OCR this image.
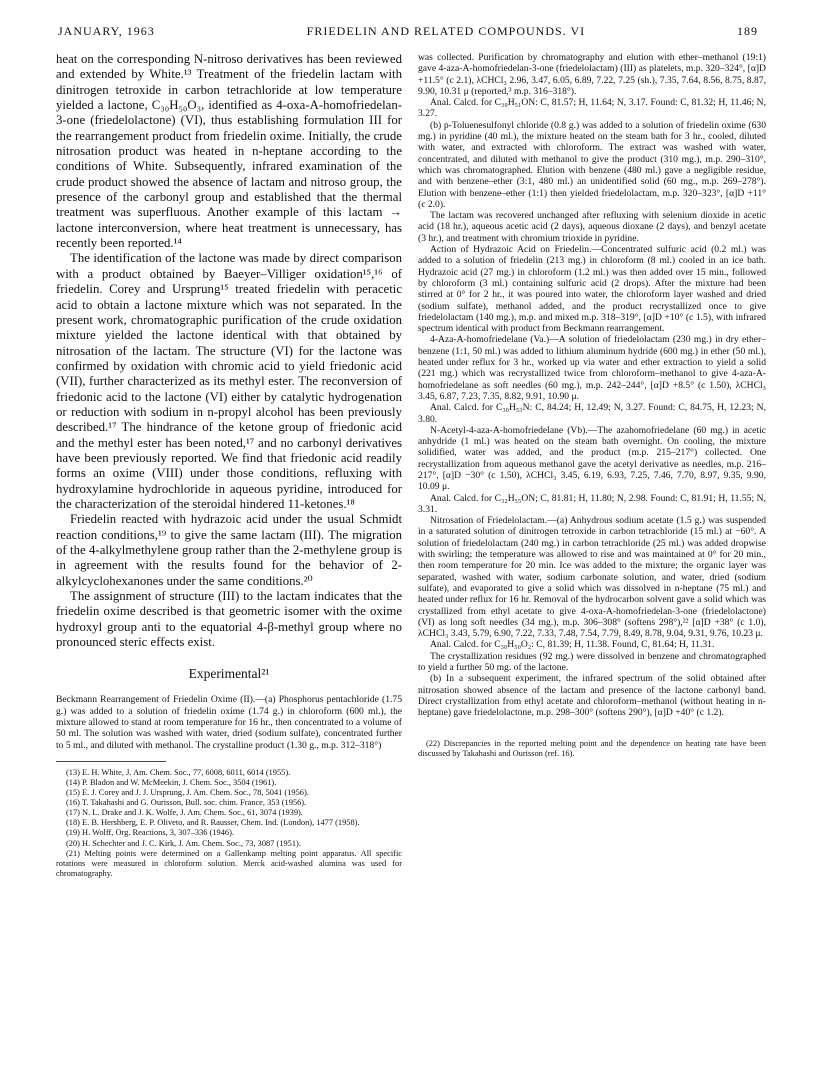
JANUARY, 1963	FRIEDELIN AND RELATED COMPOUNDS. VI	189

heat on the corresponding N-nitroso derivatives has been reviewed and extended by White.¹³ Treatment of the friedelin lactam with dinitrogen tetroxide in carbon tetrachloride at low temperature yielded a lactone, C₃₀H₅₀O₃, identified as 4-oxa-A-homofriedelan-3-one (friedelolactone) (VI), thus establishing formulation III for the rearrangement product from friedelin oxime. Initially, the crude nitrosation product was heated in n-heptane according to the conditions of White. Subsequently, infrared examination of the crude product showed the absence of lactam and nitroso group, the presence of the carbonyl group and established that the thermal treatment was superfluous. Another example of this lactam → lactone interconversion, where heat treatment is unnecessary, has recently been reported.¹⁴

The identification of the lactone was made by direct comparison with a product obtained by Baeyer–Villiger oxidation¹⁵,¹⁶ of friedelin. Corey and Ursprung¹⁵ treated friedelin with peracetic acid to obtain a lactone mixture which was not separated. In the present work, chromatographic purification of the crude oxidation mixture yielded the lactone identical with that obtained by nitrosation of the lactam. The structure (VI) for the lactone was confirmed by oxidation with chromic acid to yield friedonic acid (VII), further characterized as its methyl ester. The reconversion of friedonic acid to the lactone (VI) either by catalytic hydrogenation or reduction with sodium in n-propyl alcohol has been previously described.¹⁷ The hindrance of the ketone group of friedonic acid and the methyl ester has been noted,¹⁷ and no carbonyl derivatives have been previously reported. We find that friedonic acid readily forms an oxime (VIII) under those conditions, refluxing with hydroxylamine hydrochloride in aqueous pyridine, introduced for the characterization of the steroidal hindered 11-ketones.¹⁸

Friedelin reacted with hydrazoic acid under the usual Schmidt reaction conditions,¹⁹ to give the same lactam (III). The migration of the 4-alkylmethylene group rather than the 2-methylene group is in agreement with the results found for the behavior of 2-alkylcyclohexanones under the same conditions.²⁰

The assignment of structure (III) to the lactam indicates that the friedelin oxime described is that geometric isomer with the oxime hydroxyl group anti to the equatorial 4-β-methyl group where no pronounced steric effects exist.

Experimental²¹

Beckmann Rearrangement of Friedelin Oxime (II).—(a) Phosphorus pentachloride (1.75 g.) was added to a solution of friedelin oxime (1.74 g.) in chloroform (600 ml.), the mixture allowed to stand at room temperature for 16 hr., then concentrated to a volume of 50 ml. The solution was washed with water, dried (sodium sulfate), concentrated further to 5 ml., and diluted with methanol. The crystalline product (1.30 g., m.p. 312–318°)

(13) E. H. White, J. Am. Chem. Soc., 77, 6008, 6011, 6014 (1955).

(14) P. Bladon and W. McMeekin, J. Chem. Soc., 3504 (1961).

(15) E. J. Corey and J. J. Ursprung, J. Am. Chem. Soc., 78, 5041 (1956).

(16) T. Takahashi and G. Ourisson, Bull. soc. chim. France, 353 (1956).

(17) N. L. Drake and J. K. Wolfe, J. Am. Chem. Soc., 61, 3074 (1939).

(18) E. B. Hershberg, E. P. Oliveto, and R. Rausser, Chem. Ind. (London), 1477 (1958).

(19) H. Wolff, Org. Reactions, 3, 307–336 (1946).

(20) H. Schechter and J. C. Kirk, J. Am. Chem. Soc., 73, 3087 (1951).

(21) Melting points were determined on a Gallenkamp melting point apparatus. All specific rotations were measured in chloroform solution. Merck acid-washed alumina was used for chromatography.

was collected. Purification by chromatography and elution with ether–methanol (19:1) gave 4-aza-A-homofriedelan-3-one (friedelolactam) (III) as platelets, m.p. 320–324°, [α]D +11.5° (c 2.1), λCHCl₃ 2.96, 3.47, 6.05, 6.89, 7.22, 7.25 (sh.), 7.35, 7.64, 8.56, 8.75, 8.87, 9.90, 10.31 μ (reported,³ m.p. 316–318°).

Anal. Calcd. for C₃₀H₅₁ON: C, 81.57; H, 11.64; N, 3.17. Found: C, 81.32; H, 11.46; N, 3.27.

(b) p-Toluenesulfonyl chloride (0.8 g.) was added to a solution of friedelin oxime (630 mg.) in pyridine (40 ml.), the mixture heated on the steam bath for 3 hr., cooled, diluted with water, and extracted with chloroform. The extract was washed with water, concentrated, and diluted with methanol to give the product (310 mg.), m.p. 290–310°, which was chromatographed. Elution with benzene (480 ml.) gave a negligible residue, and with benzene–ether (3:1, 480 ml.) an unidentified solid (60 mg., m.p. 269–278°). Elution with benzene–ether (1:1) then yielded friedelolactam, m.p. 320–323°, [α]D +11° (c 2.0).

The lactam was recovered unchanged after refluxing with selenium dioxide in acetic acid (18 hr.), aqueous acetic acid (2 days), aqueous dioxane (2 days), and benzyl acetate (3 hr.), and treatment with chromium trioxide in pyridine.

Action of Hydrazoic Acid on Friedelin.—Concentrated sulfuric acid (0.2 ml.) was added to a solution of friedelin (213 mg.) in chloroform (8 ml.) cooled in an ice bath. Hydrazoic acid (27 mg.) in chloroform (1.2 ml.) was then added over 15 min., followed by chloroform (3 ml.) containing sulfuric acid (2 drops). After the mixture had been stirred at 0° for 2 hr., it was poured into water, the chloroform layer washed and dried (sodium sulfate), methanol added, and the product recrystallized once to give friedelolactam (140 mg.), m.p. and mixed m.p. 318–319°, [α]D +10° (c 1.5), with infrared spectrum identical with product from Beckmann rearrangement.

4-Aza-A-homofriedelane (Va.)—A solution of friedelolactam (230 mg.) in dry ether–benzene (1:1, 50 ml.) was added to lithium aluminum hydride (600 mg.) in ether (50 ml.), heated under reflux for 3 hr., worked up via water and ether extraction to yield a solid (221 mg.) which was recrystallized twice from chloroform–methanol to give 4-aza-A-homofriedelane as soft needles (60 mg.), m.p. 242–244°, [α]D +8.5° (c 1.50), λCHCl₃ 3.45, 6.87, 7.23, 7.35, 8.82, 9.91, 10.90 μ.

Anal. Calcd. for C₃₀H₅₃N: C, 84.24; H, 12.49; N, 3.27. Found: C, 84.75, H, 12.23; N, 3.80.

N-Acetyl-4-aza-A-homofriedelane (Vb).—The azahomofriedelane (60 mg.) in acetic anhydride (1 ml.) was heated on the steam bath overnight. On cooling, the mixture solidified, water was added, and the product (m.p. 215–217°) collected. One recrystallization from aqueous methanol gave the acetyl derivative as needles, m.p. 216–217°, [α]D −30° (c 1.50), λCHCl₃ 3.45, 6.19, 6.93, 7.25, 7.46, 7.70, 8.97, 9.35, 9.90, 10.09 μ.

Anal. Calcd. for C₃₂H₅₅ON; C, 81.81; H, 11.80; N, 2.98. Found: C, 81.91; H, 11.55; N, 3.31.

Nitrosation of Friedelolactam.—(a) Anhydrous sodium acetate (1.5 g.) was suspended in a saturated solution of dinitrogen tetroxide in carbon tetrachloride (15 ml.) at −60°. A solution of friedelolactam (240 mg.) in carbon tetrachloride (25 ml.) was added dropwise with swirling; the temperature was allowed to rise and was maintained at 0° for 20 min., then room temperature for 20 min. Ice was added to the mixture; the organic layer was separated, washed with water, sodium carbonate solution, and water, dried (sodium sulfate), and evaporated to give a solid which was dissolved in n-heptane (75 ml.) and heated under reflux for 16 hr. Removal of the hydrocarbon solvent gave a solid which was crystallized from ethyl acetate to give 4-oxa-A-homofriedelan-3-one (friedelolactone) (VI) as long soft needles (34 mg.), m.p. 306–308° (softens 298°),²² [α]D +38° (c 1.0), λCHCl₃ 3.43, 5.79, 6.90, 7.22, 7.33, 7.48, 7.54, 7.79, 8.49, 8.78, 9.04, 9.31, 9.76, 10.23 μ.

Anal. Calcd. for C₃₀H₅₀O₂: C, 81.39; H, 11.38. Found, C, 81.64; H, 11.31.

The crystallization residues (92 mg.) were dissolved in benzene and chromatographed to yield a further 50 mg. of the lactone.

(b) In a subsequent experiment, the infrared spectrum of the solid obtained after nitrosation showed absence of the lactam and presence of the lactone carbonyl band. Direct crystallization from ethyl acetate and chloroform–methanol (without heating in n-heptane) gave friedelolactone, m.p. 298–300° (softens 290°), [α]D +40° (c 1.2).

(22) Discrepancies in the reported melting point and the dependence on heating rate have been discussed by Takahashi and Ourisson (ref. 16).
